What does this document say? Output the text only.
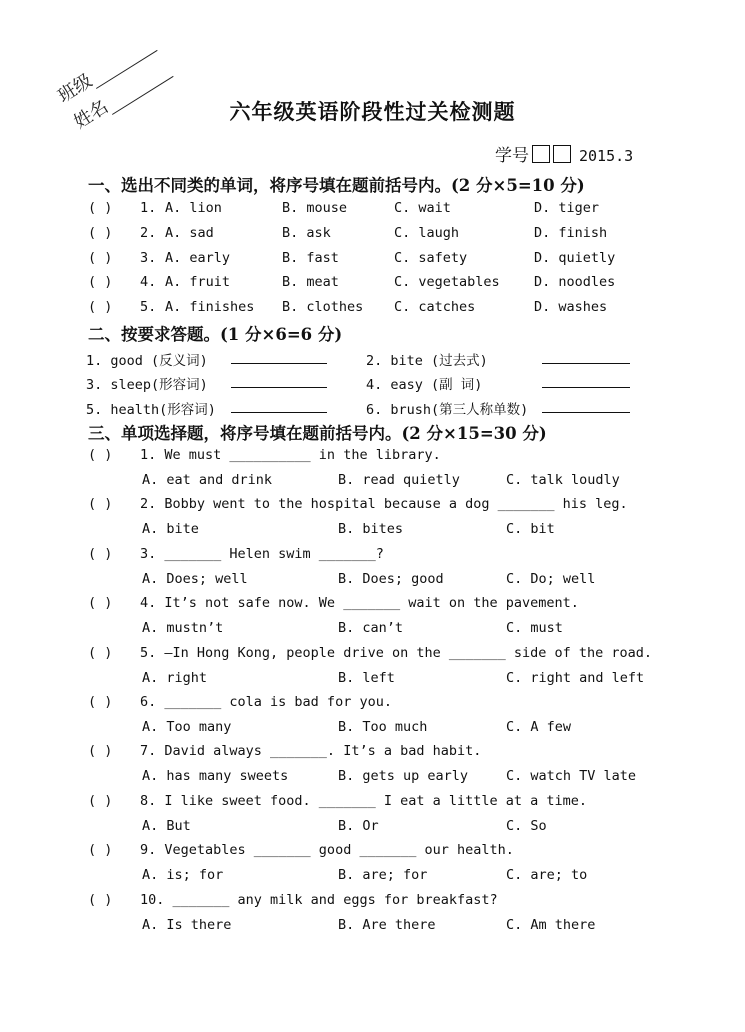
班级
姓名	六年级英语阶段性过关检测题
学号	2015.3
一、选出不同类的单词，将序号填在题前括号内。(2 分×5=10 分)
( ) 1. A. lion	B. mouse	C. wait	D. tiger
( ) 2. A. sad	B. ask	C. laugh	D. finish
( ) 3. A. early	B. fast	C. safety	D. quietly
( ) 4. A. fruit	B. meat	C. vegetables	D. noodles
( ) 5. A. finishes B. clothes C. catches	D. washes
二、按要求答题。(1 分×6=6 分)
1. good (反义词)	2. bite (过去式)
3. sleep(形容词)	4. easy (副 词)
5. health(形容词)	6. brush(第三人称单数)
三、单项选择题，将序号填在题前括号内。(2 分×15=30 分)
( ) 1. We must __________ in the library.
A. eat and drink	B. read quietly	C. talk loudly
( ) 2. Bobby went to the hospital because a dog _______ his leg.
A. bite	B. bites	C. bit
( ) 3. _______ Helen swim _______?
A. Does; well	B. Does; good	C. Do; well
( ) 4. It’s not safe now. We _______ wait on the pavement.
A. mustn’t	B. can’t	C. must
( ) 5. —In Hong Kong, people drive on the _______ side of the road.
A. right	B. left	C. right and left
( ) 6. _______ cola is bad for you.
A. Too many	B. Too much	C. A few
( ) 7. David always _______. It’s a bad habit.
A. has many sweets	B. gets up early	C. watch TV late
( ) 8. I like sweet food. _______ I eat a little at a time.
A. But	B. Or	C. So
( ) 9. Vegetables _______ good _______ our health.
A. is; for	B. are; for	C. are; to
( ) 10. _______ any milk and eggs for breakfast?
A. Is there	B. Are there	C. Am there
